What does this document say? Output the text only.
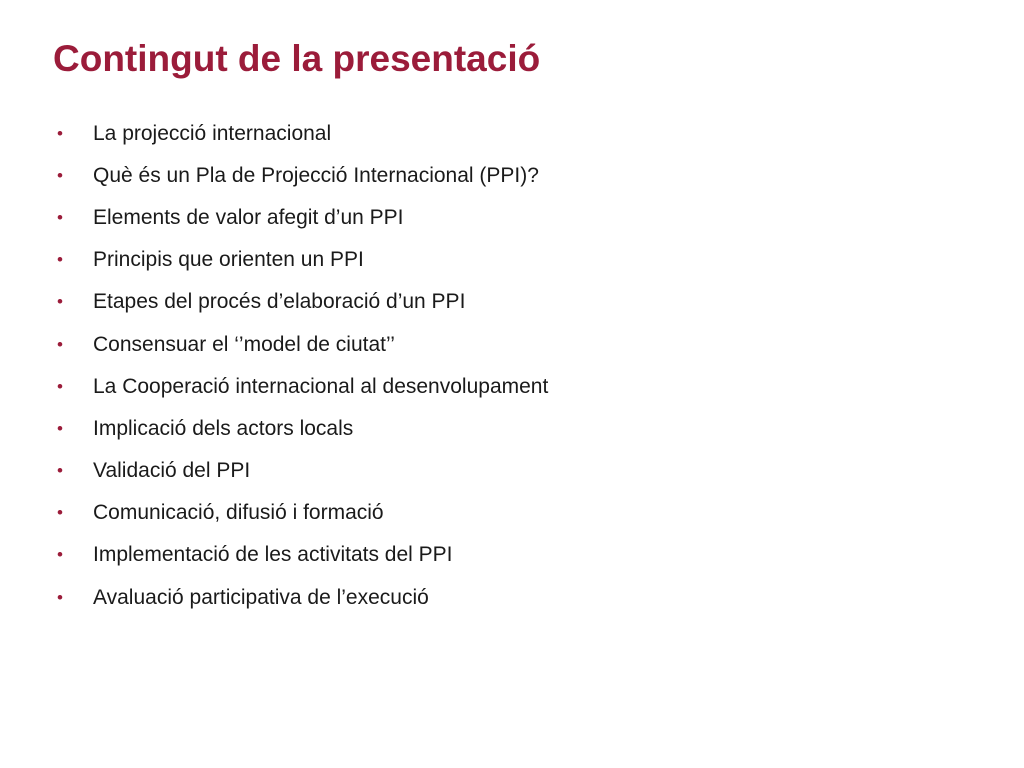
Contingut de la presentació
• La projecció internacional
• Què és un Pla de Projecció Internacional (PPI)?
• Elements de valor afegit d’un PPI
• Principis que orienten un PPI
• Etapes del procés d’elaboració d’un PPI
• Consensuar el ‘’model de ciutat’’
• La Cooperació internacional al desenvolupament
• Implicació dels actors locals
• Validació del PPI
• Comunicació, difusió i formació
• Implementació de les activitats del PPI
• Avaluació participativa de l’execució
